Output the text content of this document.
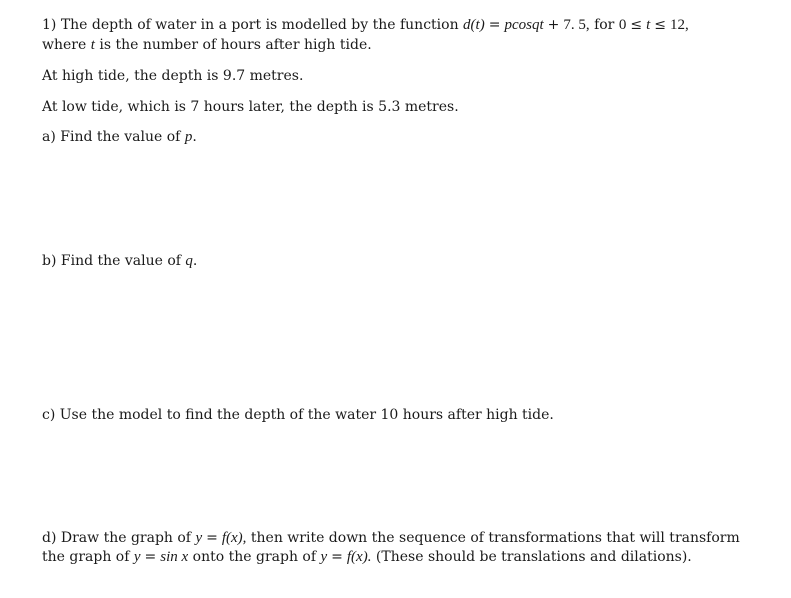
1) The depth of water in a port is modelled by the function d(t) = pcosqt + 7. 5, for 0 ≤ t ≤ 12,
where t is the number of hours after high tide.
At high tide, the depth is 9.7 metres.
At low tide, which is 7 hours later, the depth is 5.3 metres.
a) Find the value of p.
b) Find the value of q.
c) Use the model to find the depth of the water 10 hours after high tide.
d) Draw the graph of y = f(x), then write down the sequence of transformations that will transform
the graph of y = sin x onto the graph of y = f(x). (These should be translations and dilations).
